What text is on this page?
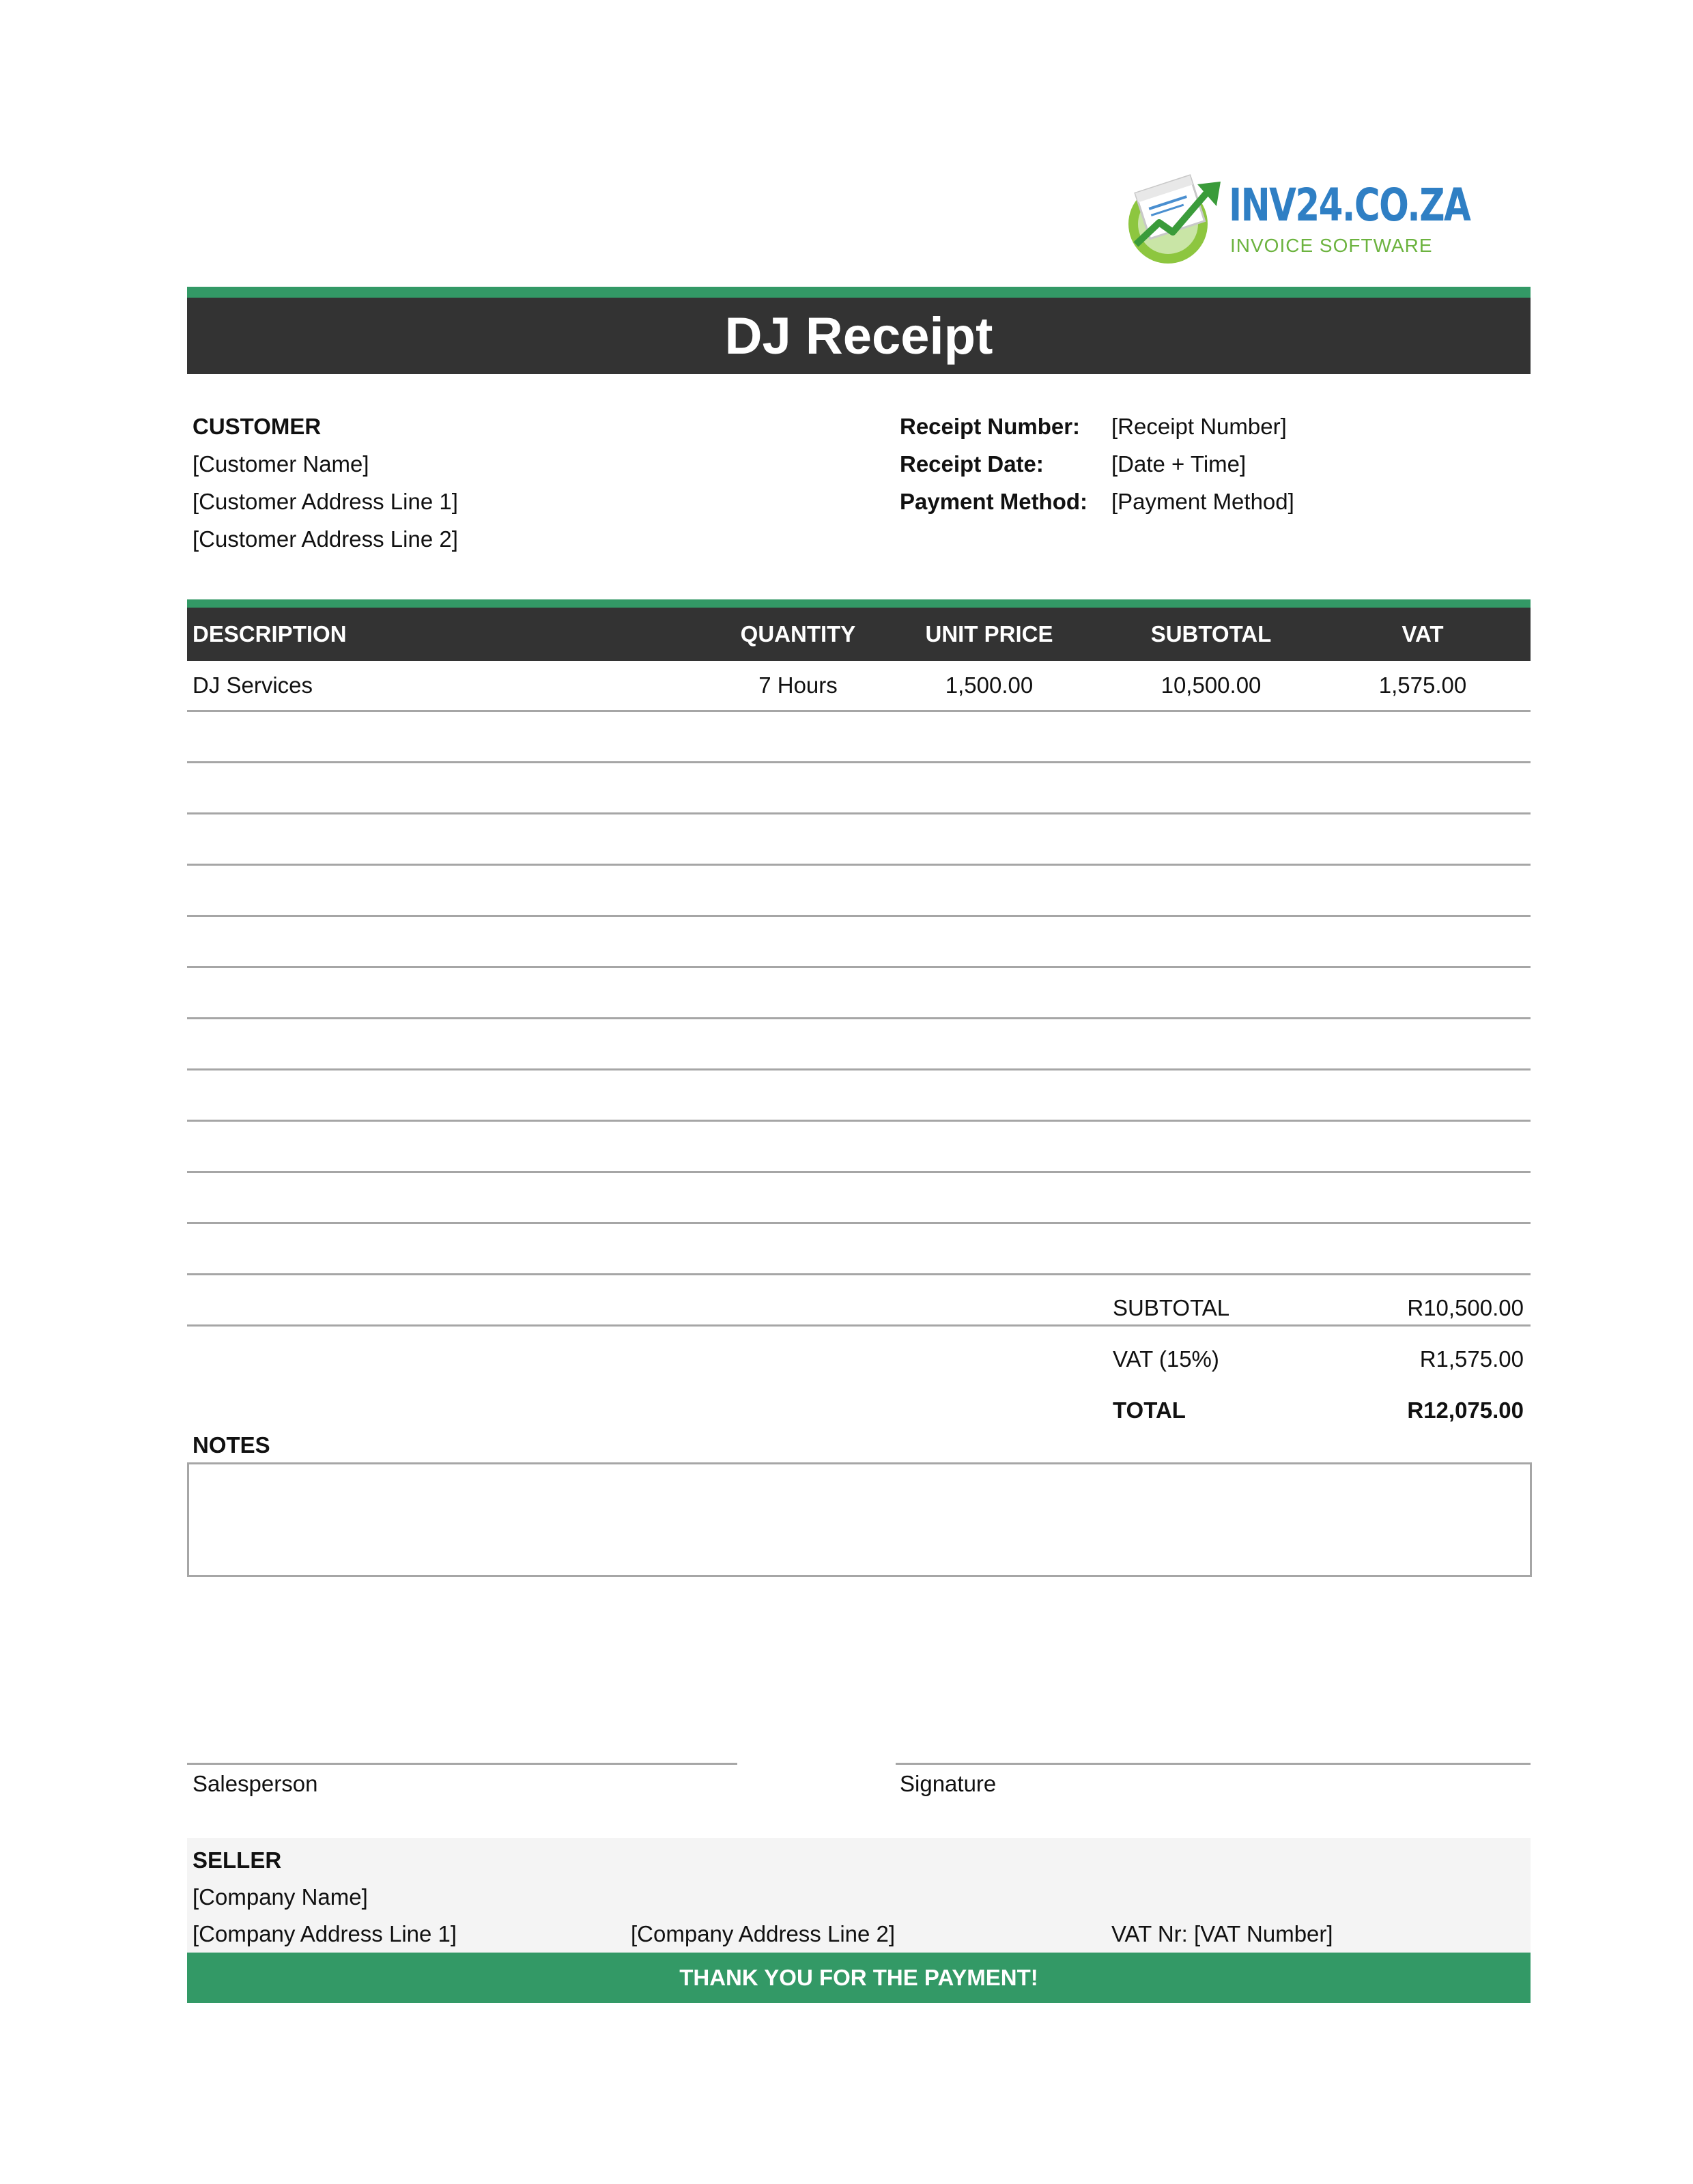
INV24.CO.ZA
INVOICE SOFTWARE
DJ Receipt
CUSTOMER
[Customer Name]
[Customer Address Line 1]
[Customer Address Line 2]
Receipt Number: [Receipt Number]
Receipt Date:	[Date + Time]
Payment Method: [Payment Method]
DESCRIPTION	QUANTITY	UNIT PRICE	SUBTOTAL	VAT
DJ Services	7 Hours	1,500.00	10,500.00	1,575.00
SUBTOTAL	R10,500.00
VAT (15%)	R1,575.00
TOTAL	R12,075.00
NOTES
Salesperson	Signature
SELLER
[Company Name]
[Company Address Line 1]	[Company Address Line 2]	VAT Nr: [VAT Number]
THANK YOU FOR THE PAYMENT!
